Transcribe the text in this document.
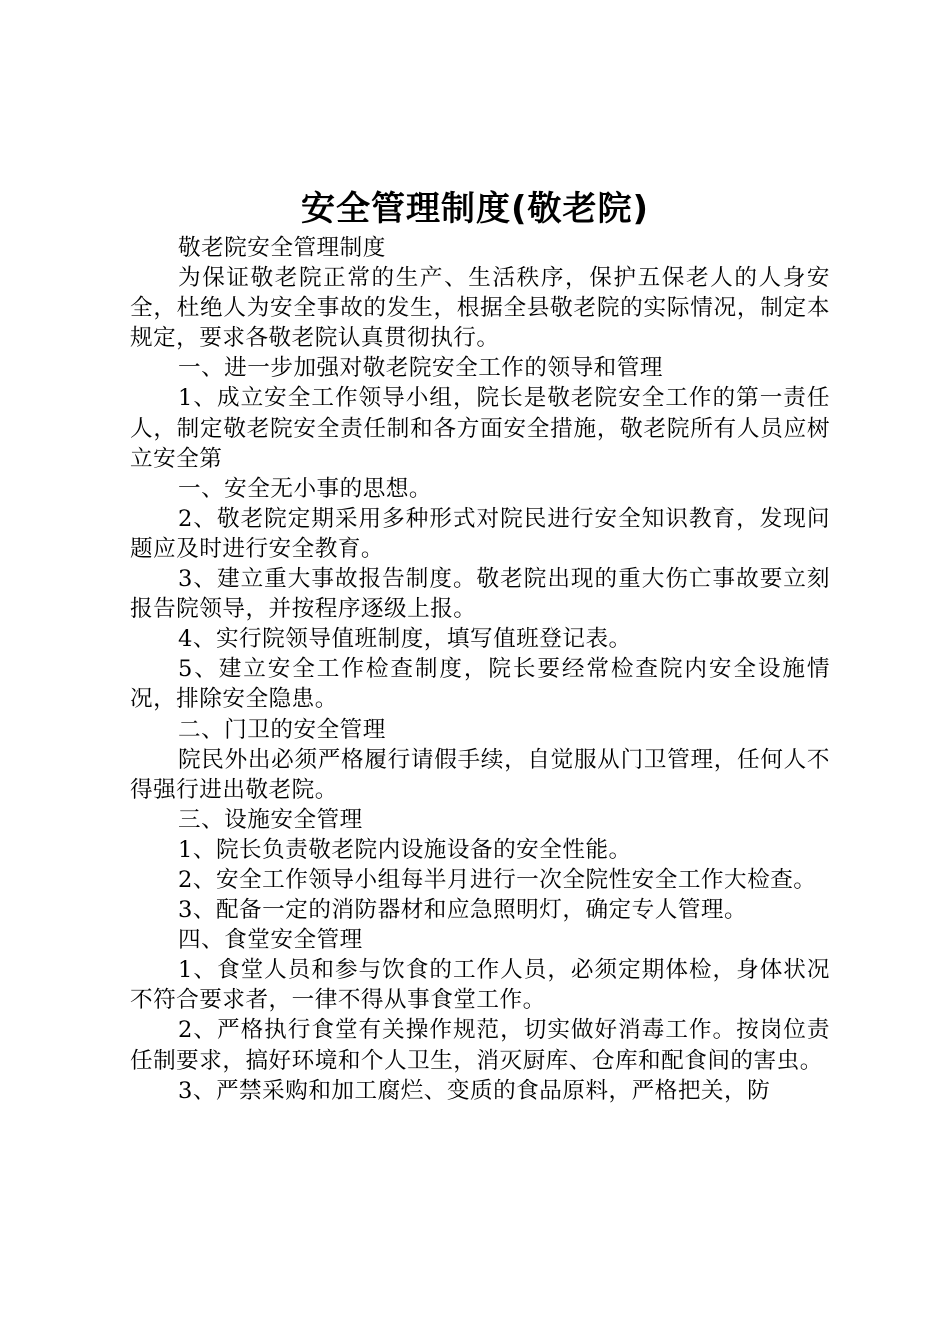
安全管理制度(敬老院)

敬老院安全管理制度

为保证敬老院正常的生产、生活秩序，保护五保老人的人身安全，杜绝人为安全事故的发生，根据全县敬老院的实际情况，制定本规定，要求各敬老院认真贯彻执行。

一、进一步加强对敬老院安全工作的领导和管理

1、成立安全工作领导小组，院长是敬老院安全工作的第一责任人，制定敬老院安全责任制和各方面安全措施，敬老院所有人员应树立安全第

一、安全无小事的思想。

2、敬老院定期采用多种形式对院民进行安全知识教育，发现问题应及时进行安全教育。

3、建立重大事故报告制度。敬老院出现的重大伤亡事故要立刻报告院领导，并按程序逐级上报。

4、实行院领导值班制度，填写值班登记表。

5、建立安全工作检查制度，院长要经常检查院内安全设施情况，排除安全隐患。

二、门卫的安全管理

院民外出必须严格履行请假手续，自觉服从门卫管理，任何人不得强行进出敬老院。

三、设施安全管理

1、院长负责敬老院内设施设备的安全性能。

2、安全工作领导小组每半月进行一次全院性安全工作大检查。

3、配备一定的消防器材和应急照明灯，确定专人管理。

四、食堂安全管理

1、食堂人员和参与饮食的工作人员，必须定期体检，身体状况不符合要求者，一律不得从事食堂工作。

2、严格执行食堂有关操作规范，切实做好消毒工作。按岗位责任制要求，搞好环境和个人卫生，消灭厨库、仓库和配食间的害虫。

3、严禁采购和加工腐烂、变质的食品原料，严格把关，防
